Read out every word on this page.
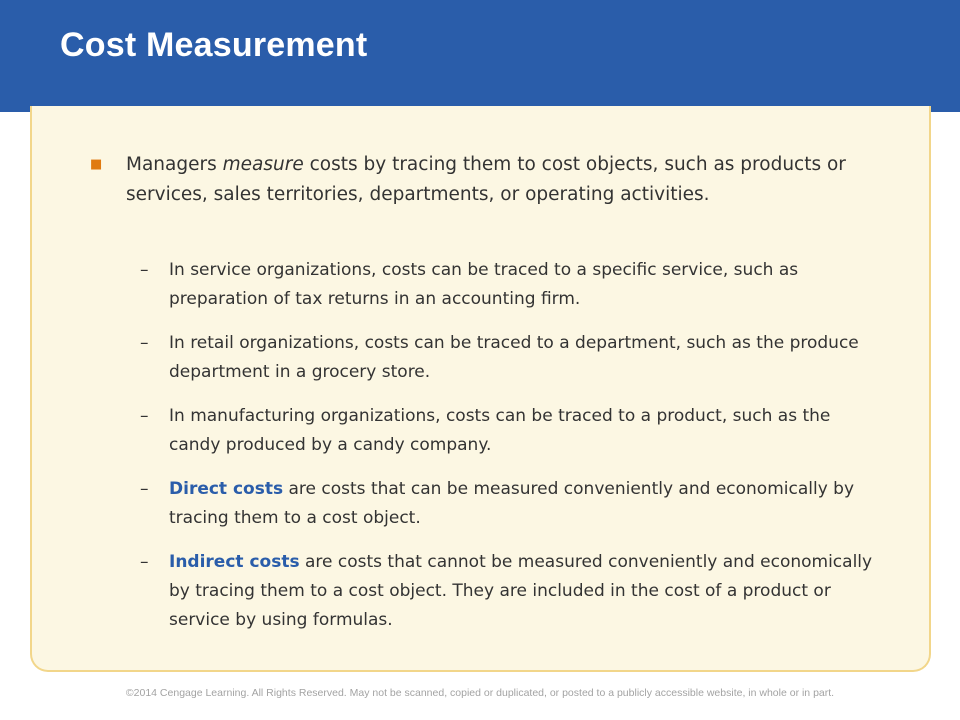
Cost Measurement
■	Managers measure costs by tracing them to cost objects, such as products or services, sales territories, departments, or operating activities.
– In service organizations, costs can be traced to a specific service, such as preparation of tax returns in an accounting firm.
– In retail organizations, costs can be traced to a department, such as the produce department in a grocery store.
– In manufacturing organizations, costs can be traced to a product, such as the candy produced by a candy company.
– Direct costs are costs that can be measured conveniently and economically by tracing them to a cost object.
– Indirect costs are costs that cannot be measured conveniently and economically by tracing them to a cost object. They are included in the cost of a product or service by using formulas.
©2014 Cengage Learning. All Rights Reserved. May not be scanned, copied or duplicated, or posted to a publicly accessible website, in whole or in part.
